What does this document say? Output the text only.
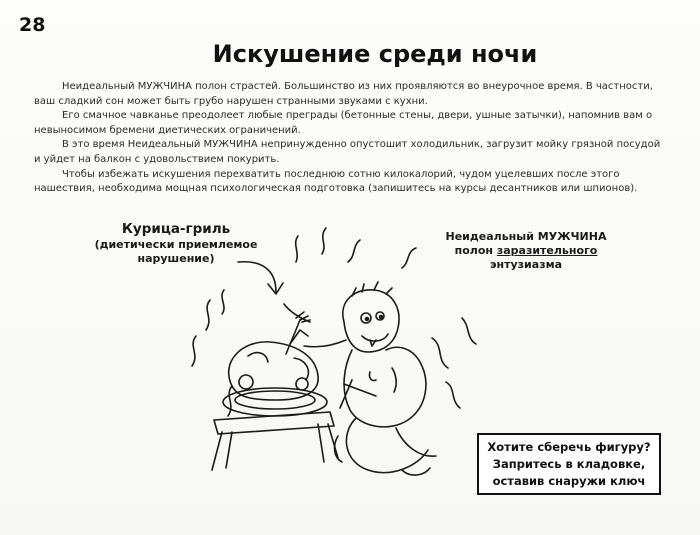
28
Искушение среди ночи

Неидеальный МУЖЧИНА полон страстей. Большинство из них проявляются во внеурочное время. В частности,
ваш сладкий сон может быть грубо нарушен странными звуками с кухни.

Его смачное чавканье преодолеет любые преграды (бетонные стены, двери, ушные затычки), напомнив вам о
невыносимом бремени диетических ограничений.

В это время Неидеальный МУЖЧИНА непринужденно опустошит холодильник, загрузит мойку грязной посудой
и уйдет на балкон с удовольствием покурить.

Чтобы избежать искушения перехватить последнюю сотню килокалорий, чудом уцелевших после этого
нашествия, необходима мощная психологическая подготовка (запишитесь на курсы десантников или шпионов).

Курица-гриль
(диетически приемлемое
нарушение)
Неидеальный МУЖЧИНА
полон заразительного
энтузиазма
Хотите сберечь фигуру?
Запритесь в кладовке,
оставив снаружи ключ
